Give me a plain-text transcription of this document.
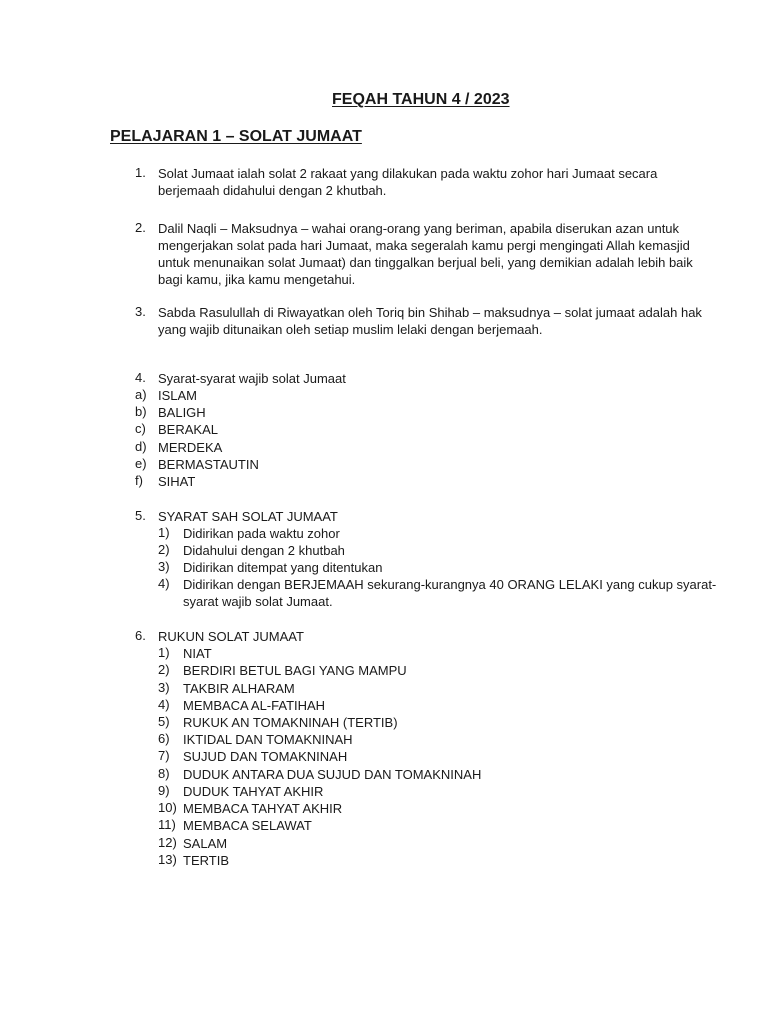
FEQAH TAHUN 4 / 2023
PELAJARAN 1 – SOLAT JUMAAT
1. Solat Jumaat ialah solat 2 rakaat yang dilakukan pada waktu zohor hari Jumaat secara
berjemaah didahului dengan 2 khutbah.
2. Dalil Naqli – Maksudnya – wahai orang-orang yang beriman, apabila diserukan azan untuk
mengerjakan solat pada hari Jumaat, maka segeralah kamu pergi mengingati Allah kemasjid
untuk menunaikan solat Jumaat) dan tinggalkan berjual beli, yang demikian adalah lebih baik
bagi kamu, jika kamu mengetahui.
3. Sabda Rasulullah di Riwayatkan oleh Toriq bin Shihab – maksudnya – solat jumaat adalah hak
yang wajib ditunaikan oleh setiap muslim lelaki dengan berjemaah.
4. Syarat-syarat wajib solat Jumaat
a) ISLAM
b) BALIGH
c) BERAKAL
d) MERDEKA
e) BERMASTAUTIN
f) SIHAT
5. SYARAT SAH SOLAT JUMAAT
1) Didirikan pada waktu zohor
2) Didahului dengan 2 khutbah
3) Didirikan ditempat yang ditentukan
4) Didirikan dengan BERJEMAAH sekurang-kurangnya 40 ORANG LELAKI yang cukup syarat-
syarat wajib solat Jumaat.
6. RUKUN SOLAT JUMAAT
1) NIAT
2) BERDIRI BETUL BAGI YANG MAMPU
3) TAKBIR ALHARAM
4) MEMBACA AL-FATIHAH
5) RUKUK AN TOMAKNINAH (TERTIB)
6) IKTIDAL DAN TOMAKNINAH
7) SUJUD DAN TOMAKNINAH
8) DUDUK ANTARA DUA SUJUD DAN TOMAKNINAH
9) DUDUK TAHYAT AKHIR
10) MEMBACA TAHYAT AKHIR
11) MEMBACA SELAWAT
12) SALAM
13) TERTIB
